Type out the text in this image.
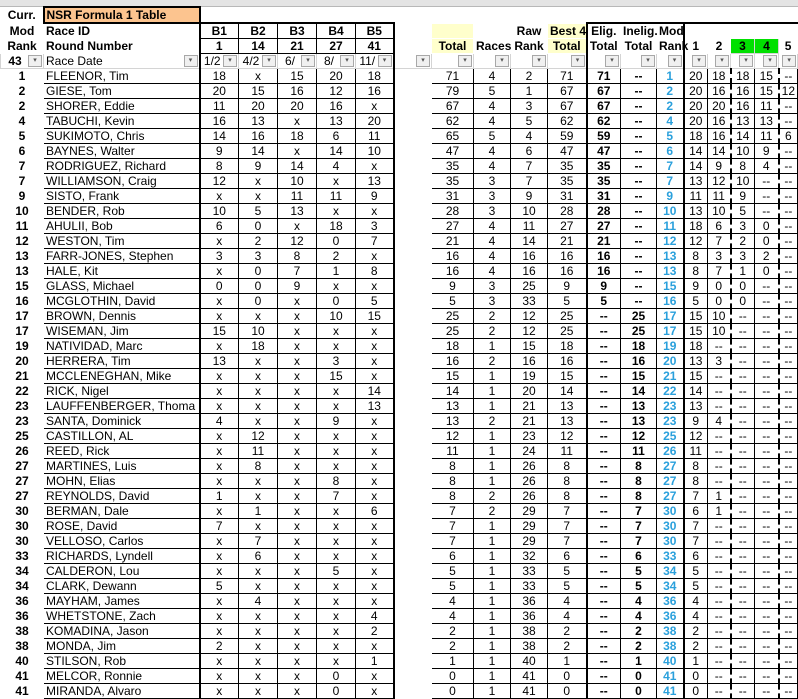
Curr.	NSR Formula 1 Table																		
Mod	Race ID	B1	B2	B3	B4	B5				Raw	Best 4	Elig.	Inelig.	Mod					
Rank	Round Number	1	14	21	27	41		Total	Races	Rank	Total	Total	Total	Rank	1	2	3	4	5

43 ▾	Race Date ▾	1/2 ▾	4/2 ▾	6/ ▾	8/ ▾	11/ ▾	▾	▾	▾	▾	▾	▾	▾	▾	▾	▾	▾	▾	▾

1	FLEENOR, Tim	18	x	15	20	18		71	4	2	71	71	--	1	20	18	18	15	--
2	GIESE, Tom	20	15	16	12	16		79	5	1	67	67	--	2	20	16	16	15	12
2	SHORER, Eddie	11	20	20	16	x		67	4	3	67	67	--	2	20	20	16	11	--
4	TABUCHI, Kevin	16	13	x	13	20		62	4	5	62	62	--	4	20	16	13	13	--
5	SUKIMOTO, Chris	14	16	18	6	11		65	5	4	59	59	--	5	18	16	14	11	6
6	BAYNES, Walter	9	14	x	14	10		47	4	6	47	47	--	6	14	14	10	9	--
7	RODRIGUEZ, Richard	8	9	14	4	x		35	4	7	35	35	--	7	14	9	8	4	--
7	WILLIAMSON, Craig	12	x	10	x	13		35	3	7	35	35	--	7	13	12	10	--	--
9	SISTO, Frank	x	x	11	11	9		31	3	9	31	31	--	9	11	11	9	--	--
10	BENDER, Rob	10	5	13	x	x		28	3	10	28	28	--	10	13	10	5	--	--
11	AHULII, Bob	6	0	x	18	3		27	4	11	27	27	--	11	18	6	3	0	--
12	WESTON, Tim	x	2	12	0	7		21	4	14	21	21	--	12	12	7	2	0	--
13	FARR-JONES, Stephen	3	3	8	2	x		16	4	16	16	16	--	13	8	3	3	2	--
13	HALE, Kit	x	0	7	1	8		16	4	16	16	16	--	13	8	7	1	0	--
15	GLASS, Michael	0	0	9	x	x		9	3	25	9	9	--	15	9	0	0	--	--
16	MCGLOTHIN, David	x	0	x	0	5		5	3	33	5	5	--	16	5	0	0	--	--
17	BROWN, Dennis	x	x	x	10	15		25	2	12	25	--	25	17	15	10	--	--	--
17	WISEMAN, Jim	15	10	x	x	x		25	2	12	25	--	25	17	15	10	--	--	--
19	NATIVIDAD, Marc	x	18	x	x	x		18	1	15	18	--	18	19	18	--	--	--	--
20	HERRERA, Tim	13	x	x	3	x		16	2	16	16	--	16	20	13	3	--	--	--
21	MCCLENEGHAN, Mike	x	x	x	15	x		15	1	19	15	--	15	21	15	--	--	--	--
22	RICK, Nigel	x	x	x	x	14		14	1	20	14	--	14	22	14	--	--	--	--
23	LAUFFENBERGER, Thoma	x	x	x	x	13		13	1	21	13	--	13	23	13	--	--	--	--
23	SANTA, Dominick	4	x	x	9	x		13	2	21	13	--	13	23	9	4	--	--	--
25	CASTILLON, AL	x	12	x	x	x		12	1	23	12	--	12	25	12	--	--	--	--
26	REED, Rick	x	11	x	x	x		11	1	24	11	--	11	26	11	--	--	--	--
27	MARTINES, Luis	x	8	x	x	x		8	1	26	8	--	8	27	8	--	--	--	--
27	MOHN, Elias	x	x	x	8	x		8	1	26	8	--	8	27	8	--	--	--	--
27	REYNOLDS, David	1	x	x	7	x		8	2	26	8	--	8	27	7	1	--	--	--
30	BERMAN, Dale	x	1	x	x	6		7	2	29	7	--	7	30	6	1	--	--	--
30	ROSE, David	7	x	x	x	x		7	1	29	7	--	7	30	7	--	--	--	--
30	VELLOSO, Carlos	x	7	x	x	x		7	1	29	7	--	7	30	7	--	--	--	--
33	RICHARDS, Lyndell	x	6	x	x	x		6	1	32	6	--	6	33	6	--	--	--	--
34	CALDERON, Lou	x	x	x	5	x		5	1	33	5	--	5	34	5	--	--	--	--
34	CLARK, Dewann	5	x	x	x	x		5	1	33	5	--	5	34	5	--	--	--	--
36	MAYHAM, James	x	4	x	x	x		4	1	36	4	--	4	36	4	--	--	--	--
36	WHETSTONE, Zach	x	x	x	x	4		4	1	36	4	--	4	36	4	--	--	--	--
38	KOMADINA, Jason	x	x	x	x	2		2	1	38	2	--	2	38	2	--	--	--	--
38	MONDA, Jim	2	x	x	x	x		2	1	38	2	--	2	38	2	--	--	--	--
40	STILSON, Rob	x	x	x	x	1		1	1	40	1	--	1	40	1	--	--	--	--
41	MELCOR, Ronnie	x	x	x	0	x		0	1	41	0	--	0	41	0	--	--	--	--
41	MIRANDA, Alvaro	x	x	x	0	x		0	1	41	0	--	0	41	0	--	--	--	--
